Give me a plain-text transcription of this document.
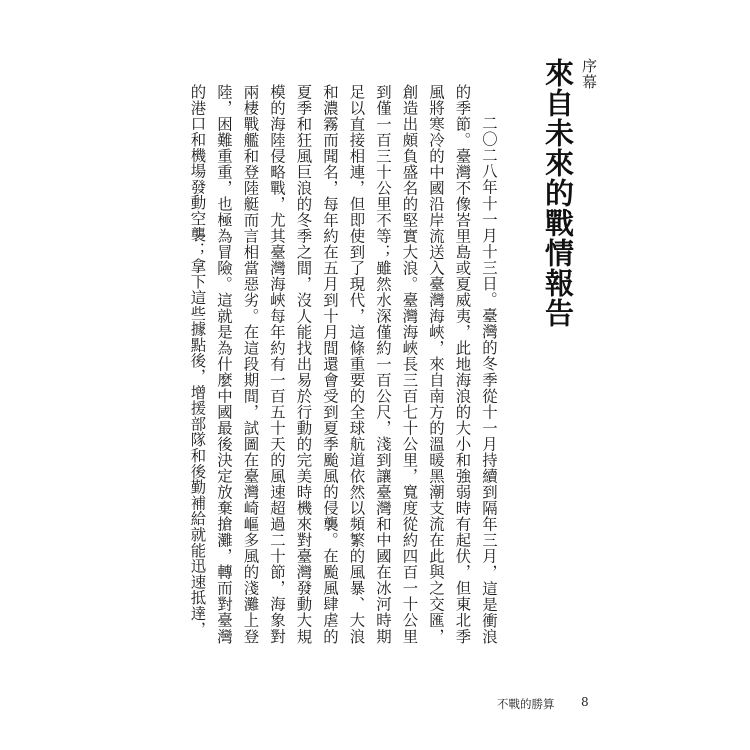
序幕
來自未來的戰情報告

二〇二八年十一月十三日。臺灣的冬季從十一月持續到隔年三月，這是衝浪的季節。臺灣不像峇里島或夏威夷，此地海浪的大小和強弱時有起伏，但東北季風將寒冷的中國沿岸流送入臺灣海峽，來自南方的溫暖黑潮支流在此與之交匯，創造出頗負盛名的堅實大浪。臺灣海峽長三百七十公里，寬度從約四百一十公里到僅一百三十公里不等；雖然水深僅約一百公尺，淺到讓臺灣和中國在冰河時期足以直接相連，但即使到了現代，這條重要的全球航道依然以頻繁的風暴、大浪和濃霧而聞名，每年約在五月到十月間還會受到夏季颱風的侵襲。在颱風肆虐的夏季和狂風巨浪的冬季之間，沒人能找出易於行動的完美時機來對臺灣發動大規模的海陸侵略戰，尤其臺灣海峽每年約有一百五十天的風速超過二十節，海象對兩棲戰艦和登陸艇而言相當惡劣。在這段期間，試圖在臺灣崎嶇多風的淺灘上登陸，困難重重，也極為冒險。這就是為什麼中國最後決定放棄搶灘，轉而對臺灣的港口和機場發動空襲；拿下這些據點後，增援部隊和後勤補給就能迅速抵達，

不戰的勝算 8
